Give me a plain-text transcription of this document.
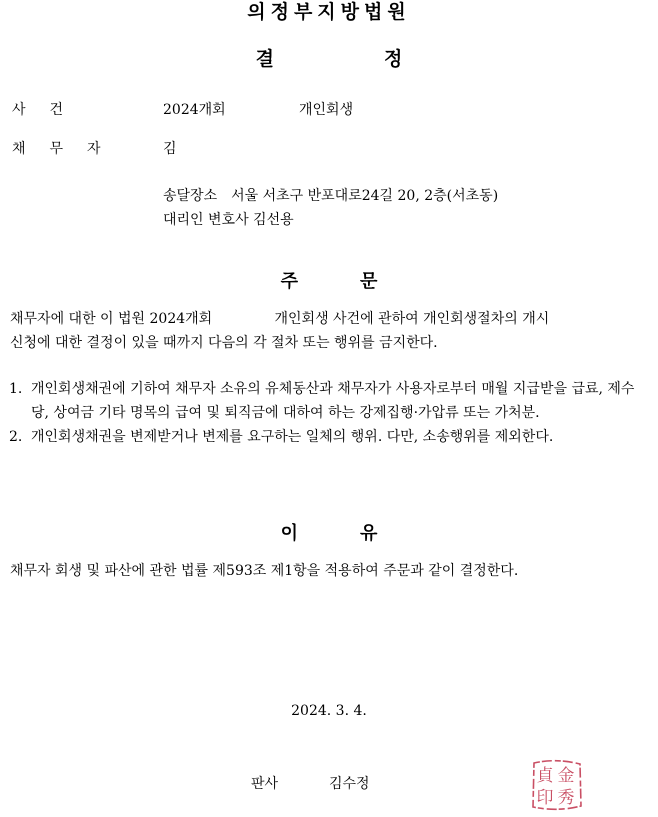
의정부지방법원
결	정
사건	2024개회	개인회생
채무자	김
송달장소 서울 서초구 반포대로24길 20, 2층(서초동)
대리인 변호사 김선용
주	문
채무자에 대한 이 법원 2024개회              개인회생 사건에 관하여 개인회생절차의 개시
신청에 대한 결정이 있을 때까지 다음의 각 절차 또는 행위를 금지한다.
1. 개인회생채권에 기하여 채무자 소유의 유체동산과 채무자가 사용자로부터 매월 지급받을 급료, 제수당, 상여금 기타 명목의 급여 및 퇴직금에 대하여 하는 강제집행·가압류 또는 가처분.
2. 개인회생채권을 변제받거나 변제를 요구하는 일체의 행위. 다만, 소송행위를 제외한다.
이	유
채무자 회생 및 파산에 관한 법률 제593조 제1항을 적용하여 주문과 같이 결정한다.
2024. 3. 4.
판사	김수정	金
秀
貞
印
